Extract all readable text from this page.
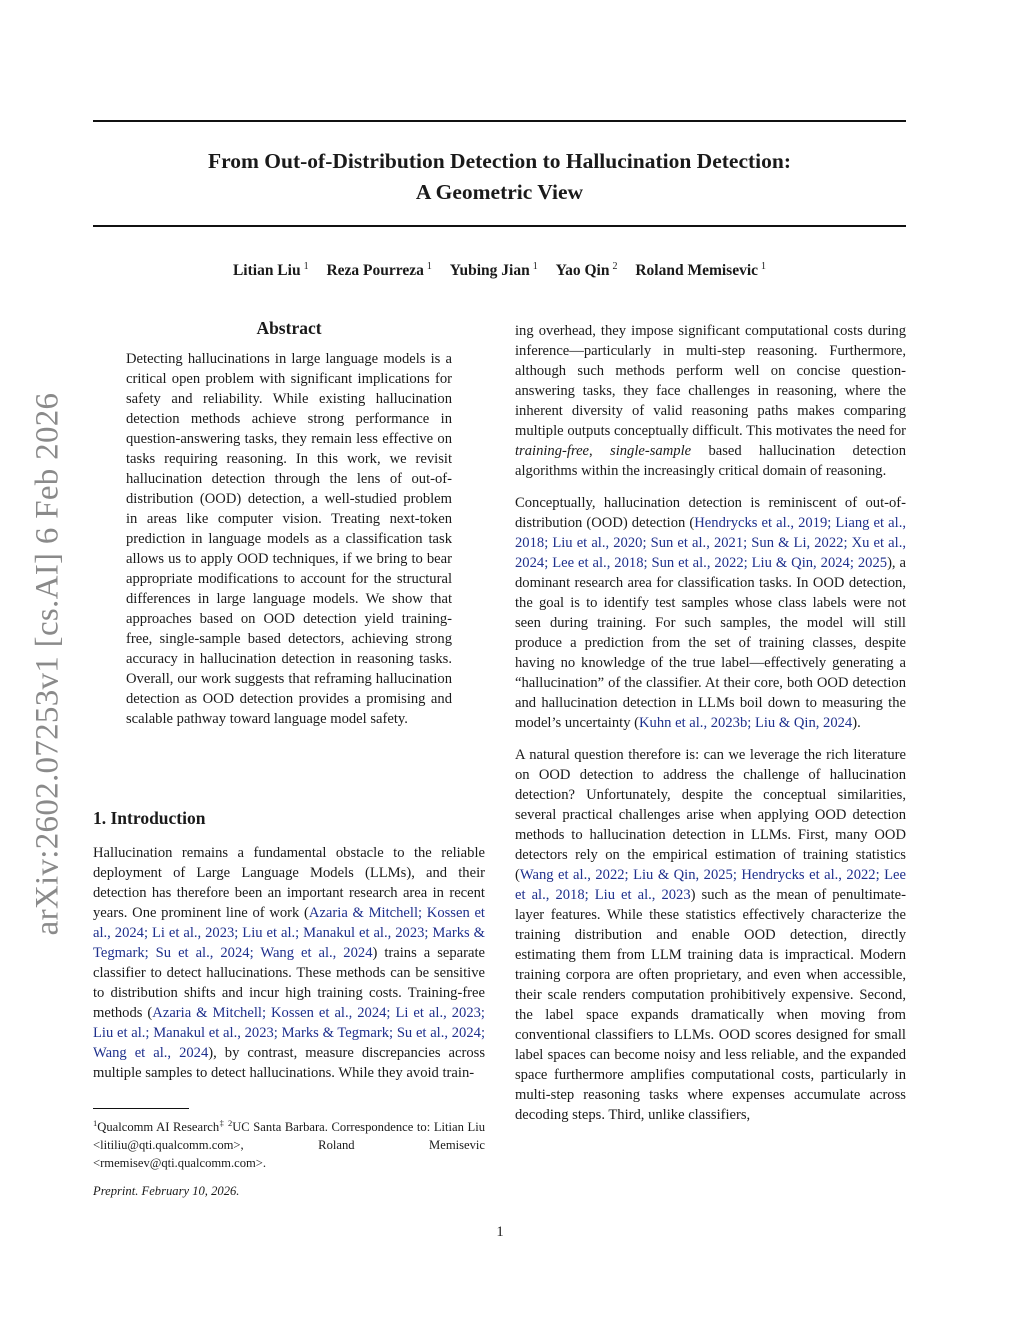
arXiv:2602.07253v1 [cs.AI] 6 Feb 2026
From Out-of-Distribution Detection to Hallucination Detection:
A Geometric View
Litian Liu $^1$ Reza Pourreza $^1$ Yubing Jian $^1$ Yao Qin $^2$ Roland Memisevic $^1$
Abstract

Detecting hallucinations in large language models is a critical open problem with significant implications for safety and reliability. While existing hallucination detection methods achieve strong performance in question-answering tasks, they remain less effective on tasks requiring reasoning. In this work, we revisit hallucination detection through the lens of out-of-distribution (OOD) detection, a well-studied problem in areas like computer vision. Treating next-token prediction in language models as a classification task allows us to apply OOD techniques, if we bring to bear appropriate modifications to account for the structural differences in large language models. We show that approaches based on OOD detection yield training-free, single-sample based detectors, achieving strong accuracy in hallucination detection in reasoning tasks. Overall, our work suggests that reframing hallucination detection as OOD detection provides a promising and scalable pathway toward language model safety.

1. Introduction

Hallucination remains a fundamental obstacle to the reliable deployment of Large Language Models (LLMs), and their detection has therefore been an important research area in recent years. One prominent line of work (Azaria & Mitchell; Kossen et al., 2024; Li et al., 2023; Liu et al.; Manakul et al., 2023; Marks & Tegmark; Su et al., 2024; Wang et al., 2024) trains a separate classifier to detect hallucinations. These methods can be sensitive to distribution shifts and incur high training costs. Training-free methods (Azaria & Mitchell; Kossen et al., 2024; Li et al., 2023; Liu et al.; Manakul et al., 2023; Marks & Tegmark; Su et al., 2024; Wang et al., 2024), by contrast, measure discrepancies across multiple samples to detect hallucinations. While they avoid train-

$^1$Qualcomm AI Research‡ $^2$UC Santa Barbara. Correspondence to: Litian Liu <litiliu@qti.qualcomm.com>, Roland Memisevic <rmemisev@qti.qualcomm.com>.
Preprint. February 10, 2026.

ing overhead, they impose significant computational costs during inference—particularly in multi-step reasoning. Furthermore, although such methods perform well on concise question-answering tasks, they face challenges in reasoning, where the inherent diversity of valid reasoning paths makes comparing multiple outputs conceptually difficult. This motivates the need for training-free, single-sample based hallucination detection algorithms within the increasingly critical domain of reasoning.

Conceptually, hallucination detection is reminiscent of out-of-distribution (OOD) detection (Hendrycks et al., 2019; Liang et al., 2018; Liu et al., 2020; Sun et al., 2021; Sun & Li, 2022; Xu et al., 2024; Lee et al., 2018; Sun et al., 2022; Liu & Qin, 2024; 2025), a dominant research area for classification tasks. In OOD detection, the goal is to identify test samples whose class labels were not seen during training. For such samples, the model will still produce a prediction from the set of training classes, despite having no knowledge of the true label—effectively generating a “hallucination” of the classifier. At their core, both OOD detection and hallucination detection in LLMs boil down to measuring the model’s uncertainty (Kuhn et al., 2023b; Liu & Qin, 2024).

A natural question therefore is: can we leverage the rich literature on OOD detection to address the challenge of hallucination detection? Unfortunately, despite the conceptual similarities, several practical challenges arise when applying OOD detection methods to hallucination detection in LLMs. First, many OOD detectors rely on the empirical estimation of training statistics (Wang et al., 2022; Liu & Qin, 2025; Hendrycks et al., 2022; Lee et al., 2018; Liu et al., 2023) such as the mean of penultimate-layer features. While these statistics effectively characterize the training distribution and enable OOD detection, directly estimating them from LLM training data is impractical. Modern training corpora are often proprietary, and even when accessible, their scale renders computation prohibitively expensive. Second, the label space expands dramatically when moving from conventional classifiers to LLMs. OOD scores designed for small label spaces can become noisy and less reliable, and the expanded space furthermore amplifies computational costs, particularly in multi-step reasoning tasks where expenses accumulate across decoding steps. Third, unlike classifiers,

1
